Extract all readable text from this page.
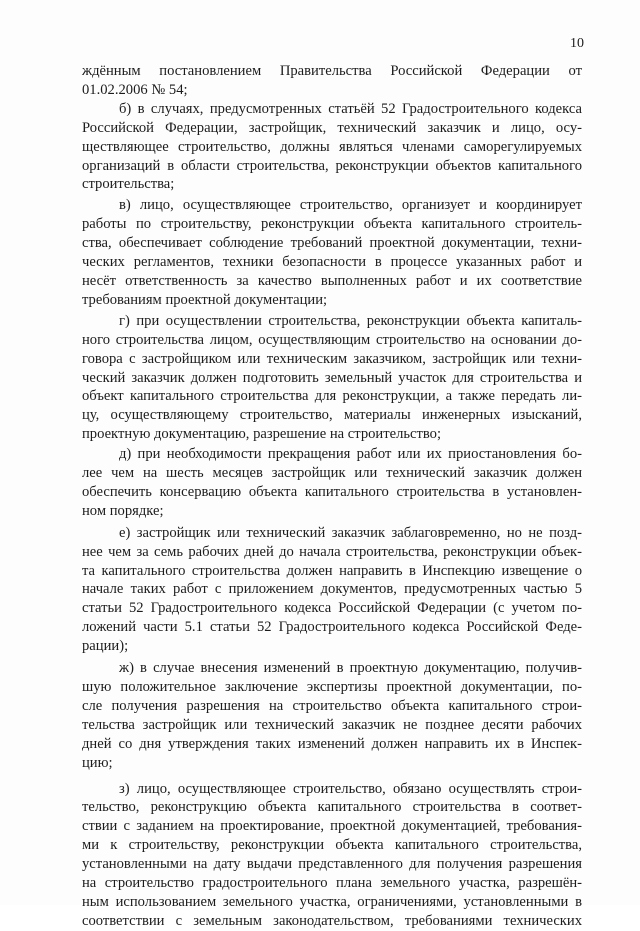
10

ждённым постановлением Правительства Российской Федерации от
01.02.2006 № 54;

б) в случаях, предусмотренных статьёй 52 Градостроительного кодекса
Российской Федерации, застройщик, технический заказчик и лицо, осу-
ществляющее строительство, должны являться членами саморегулируемых
организаций в области строительства, реконструкции объектов капитального
строительства;

в) лицо, осуществляющее строительство, организует и координирует
работы по строительству, реконструкции объекта капитального строитель-
ства, обеспечивает соблюдение требований проектной документации, техни-
ческих регламентов, техники безопасности в процессе указанных работ и
несёт ответственность за качество выполненных работ и их соответствие
требованиям проектной документации;

г) при осуществлении строительства, реконструкции объекта капиталь-
ного строительства лицом, осуществляющим строительство на основании до-
говора с застройщиком или техническим заказчиком, застройщик или техни-
ческий заказчик должен подготовить земельный участок для строительства и
объект капитального строительства для реконструкции, а также передать ли-
цу, осуществляющему строительство, материалы инженерных изысканий,
проектную документацию, разрешение на строительство;

д) при необходимости прекращения работ или их приостановления бо-
лее чем на шесть месяцев застройщик или технический заказчик должен
обеспечить консервацию объекта капитального строительства в установлен-
ном порядке;

е) застройщик или технический заказчик заблаговременно, но не позд-
нее чем за семь рабочих дней до начала строительства, реконструкции объек-
та капитального строительства должен направить в Инспекцию извещение о
начале таких работ с приложением документов, предусмотренных частью 5
статьи 52 Градостроительного кодекса Российской Федерации (с учетом по-
ложений части 5.1 статьи 52 Градостроительного кодекса Российской Феде-
рации);

ж) в случае внесения изменений в проектную документацию, получив-
шую положительное заключение экспертизы проектной документации, по-
сле получения разрешения на строительство объекта капитального строи-
тельства застройщик или технический заказчик не позднее десяти рабочих
дней со дня утверждения таких изменений должен направить их в Инспек-
цию;

з) лицо, осуществляющее строительство, обязано осуществлять строи-
тельство, реконструкцию объекта капитального строительства в соответ-
ствии с заданием на проектирование, проектной документацией, требования-
ми к строительству, реконструкции объекта капитального строительства,
установленными на дату выдачи представленного для получения разрешения
на строительство градостроительного плана земельного участка, разрешён-
ным использованием земельного участка, ограничениями, установленными в
соответствии с земельным законодательством, требованиями технических
